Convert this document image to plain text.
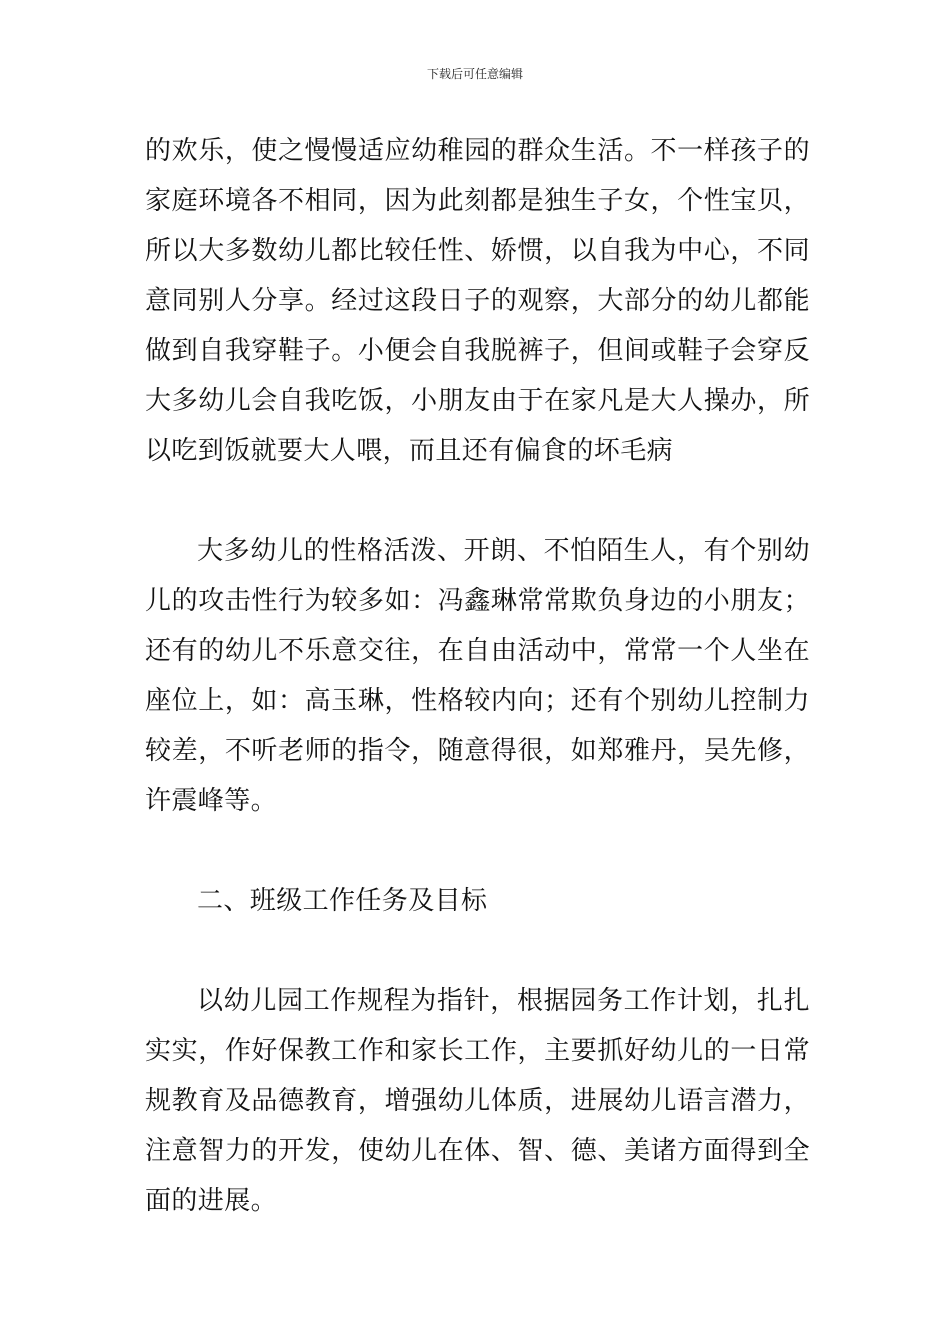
下载后可任意编辑

的欢乐，使之慢慢适应幼稚园的群众生活。不一样孩子的家庭环境各不相同，因为此刻都是独生子女，个性宝贝，所以大多数幼儿都比较任性、娇惯，以自我为中心，不同意同别人分享。经过这段日子的观察，大部分的幼儿都能做到自我穿鞋子。小便会自我脱裤子，但间或鞋子会穿反大多幼儿会自我吃饭，小朋友由于在家凡是大人操办，所以吃到饭就要大人喂，而且还有偏食的坏毛病

大多幼儿的性格活泼、开朗、不怕陌生人，有个别幼儿的攻击性行为较多如：冯鑫琳常常欺负身边的小朋友；还有的幼儿不乐意交往，在自由活动中，常常一个人坐在座位上，如：高玉琳，性格较内向；还有个别幼儿控制力较差，不听老师的指令，随意得很，如郑雅丹，吴先修，许震峰等。

二、班级工作任务及目标

以幼儿园工作规程为指针，根据园务工作计划，扎扎实实，作好保教工作和家长工作，主要抓好幼儿的一日常规教育及品德教育，增强幼儿体质，进展幼儿语言潜力，注意智力的开发，使幼儿在体、智、德、美诸方面得到全面的进展。
